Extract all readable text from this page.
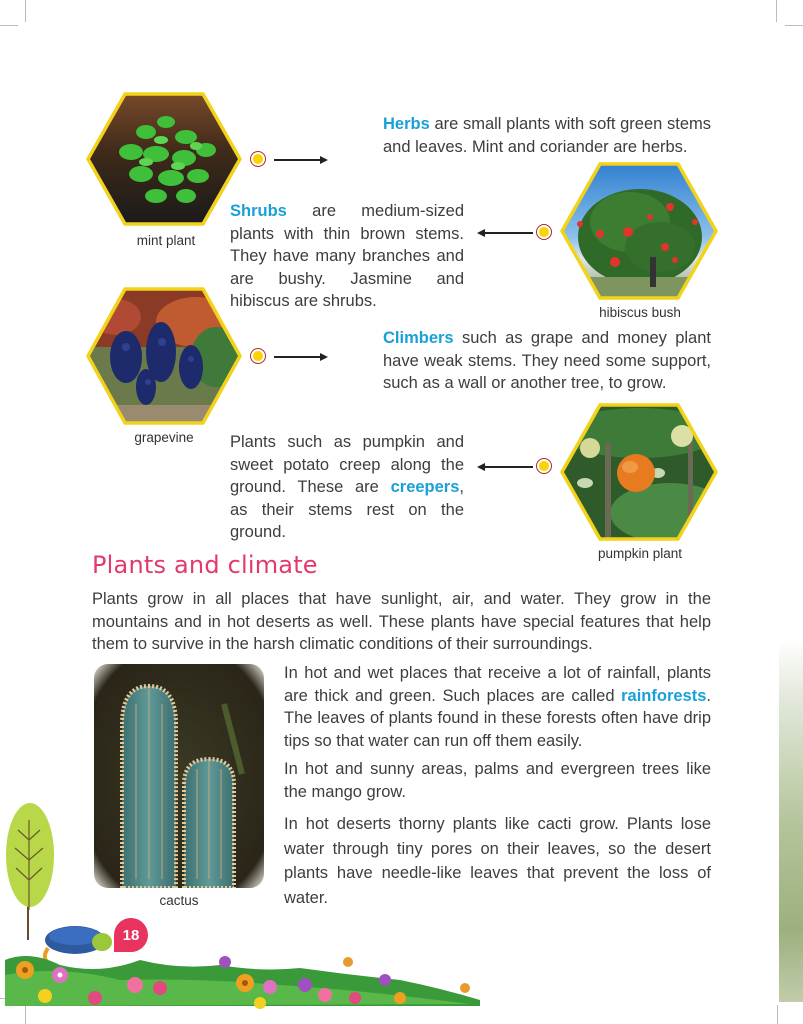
mint plant
Herbs are small plants with soft green stems and leaves. Mint and coriander are herbs.
Shrubs are medium-sized plants with thin brown stems. They have many branches and are bushy. Jasmine and hibiscus are shrubs.
hibiscus bush
grapevine
Climbers such as grape and money plant have weak stems. They need some support, such as a wall or another tree, to grow.
Plants such as pumpkin and sweet potato creep along the ground. These are creepers, as their stems rest on the ground.
pumpkin plant
Plants and climate
Plants grow in all places that have sunlight, air, and water. They grow in the mountains and in hot deserts as well. These plants have special features that help them to survive in the harsh climatic conditions of their surroundings.
cactus
In hot and wet places that receive a lot of rainfall, plants are thick and green. Such places are called rainforests. The leaves of plants found in these forests often have drip tips so that water can run off them easily.
In hot and sunny areas, palms and evergreen trees like the mango grow.
In hot deserts thorny plants like cacti grow. Plants lose water through tiny pores on their leaves, so the desert plants have needle-like leaves that prevent the loss of water.
18
